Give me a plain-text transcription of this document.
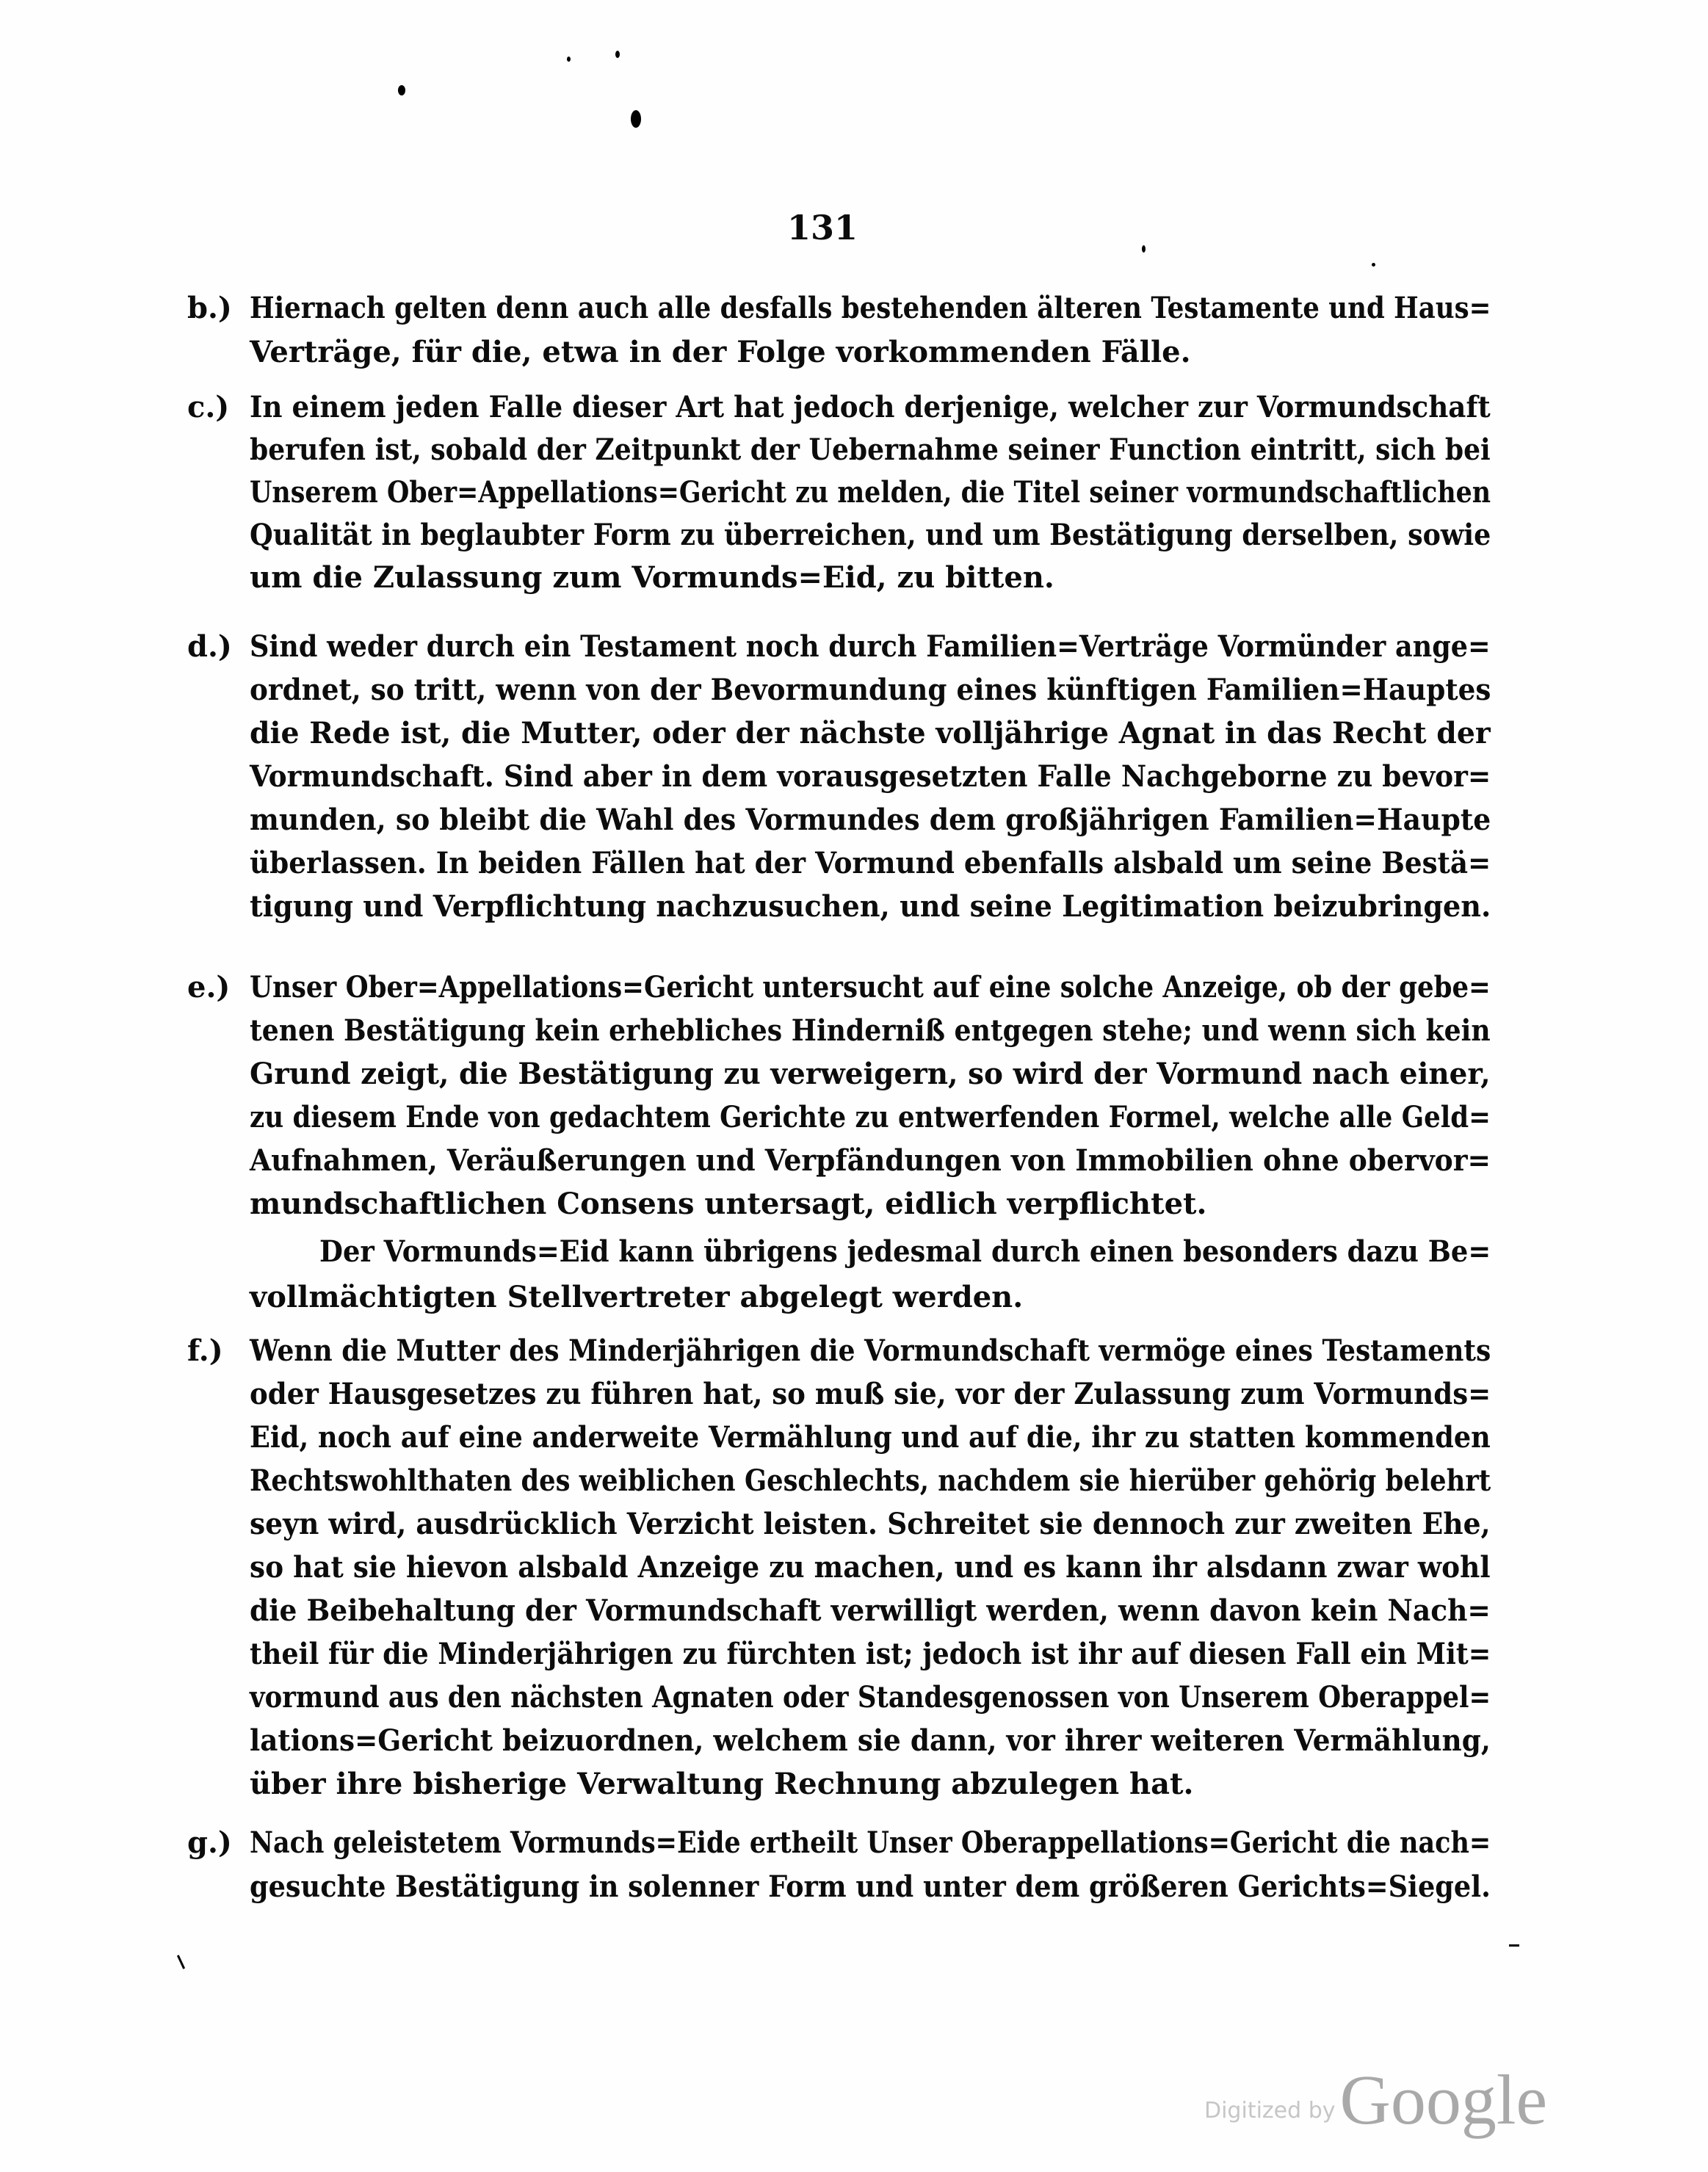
131
b.) Hiernach gelten denn auch alle desfalls bestehenden älteren Testamente und Haus=
Verträge, für die, etwa in der Folge vorkommenden Fälle.
c.) In einem jeden Falle dieser Art hat jedoch derjenige, welcher zur Vormundschaft
berufen ist, sobald der Zeitpunkt der Uebernahme seiner Function eintritt, sich bei
Unserem Ober=Appellations=Gericht zu melden, die Titel seiner vormundschaftlichen
Qualität in beglaubter Form zu überreichen, und um Bestätigung derselben, sowie
um die Zulassung zum Vormunds=Eid, zu bitten.
d.) Sind weder durch ein Testament noch durch Familien=Verträge Vormünder ange=
ordnet, so tritt, wenn von der Bevormundung eines künftigen Familien=Hauptes
die Rede ist, die Mutter, oder der nächste volljährige Agnat in das Recht der
Vormundschaft. Sind aber in dem vorausgesetzten Falle Nachgeborne zu bevor=
munden, so bleibt die Wahl des Vormundes dem großjährigen Familien=Haupte
überlassen. In beiden Fällen hat der Vormund ebenfalls alsbald um seine Bestä=
tigung und Verpflichtung nachzusuchen, und seine Legitimation beizubringen.
e.) Unser Ober=Appellations=Gericht untersucht auf eine solche Anzeige, ob der gebe=
tenen Bestätigung kein erhebliches Hinderniß entgegen stehe; und wenn sich kein
Grund zeigt, die Bestätigung zu verweigern, so wird der Vormund nach einer,
zu diesem Ende von gedachtem Gerichte zu entwerfenden Formel, welche alle Geld=
Aufnahmen, Veräußerungen und Verpfändungen von Immobilien ohne obervor=
mundschaftlichen Consens untersagt, eidlich verpflichtet.
Der Vormunds=Eid kann übrigens jedesmal durch einen besonders dazu Be=
vollmächtigten Stellvertreter abgelegt werden.
f.) Wenn die Mutter des Minderjährigen die Vormundschaft vermöge eines Testaments
oder Hausgesetzes zu führen hat, so muß sie, vor der Zulassung zum Vormunds=
Eid, noch auf eine anderweite Vermählung und auf die, ihr zu statten kommenden
Rechtswohlthaten des weiblichen Geschlechts, nachdem sie hierüber gehörig belehrt
seyn wird, ausdrücklich Verzicht leisten. Schreitet sie dennoch zur zweiten Ehe,
so hat sie hievon alsbald Anzeige zu machen, und es kann ihr alsdann zwar wohl
die Beibehaltung der Vormundschaft verwilligt werden, wenn davon kein Nach=
theil für die Minderjährigen zu fürchten ist; jedoch ist ihr auf diesen Fall ein Mit=
vormund aus den nächsten Agnaten oder Standesgenossen von Unserem Oberappel=
lations=Gericht beizuordnen, welchem sie dann, vor ihrer weiteren Vermählung,
über ihre bisherige Verwaltung Rechnung abzulegen hat.
g.) Nach geleistetem Vormunds=Eide ertheilt Unser Oberappellations=Gericht die nach=
gesuchte Bestätigung in solenner Form und unter dem größeren Gerichts=Siegel.
Digitized by Google
